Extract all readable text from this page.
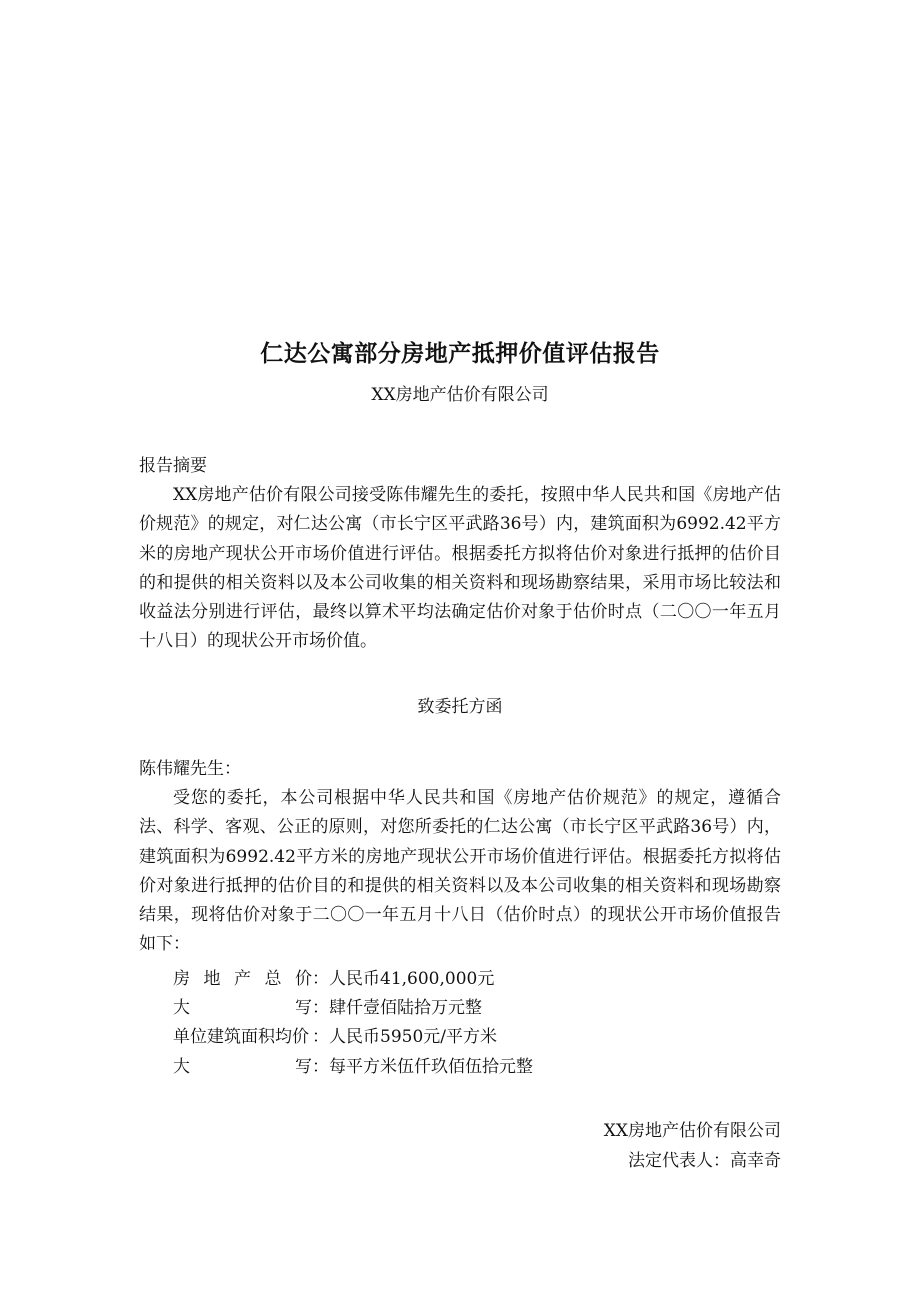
仁达公寓部分房地产抵押价值评估报告
XX房地产估价有限公司

报告摘要

XX房地产估价有限公司接受陈伟耀先生的委托，按照中华人民共和国《房地产估价规范》的规定，对仁达公寓（市长宁区平武路36号）内，建筑面积为6992.42平方米的房地产现状公开市场价值进行评估。根据委托方拟将估价对象进行抵押的估价目的和提供的相关资料以及本公司收集的相关资料和现场勘察结果，采用市场比较法和收益法分别进行评估，最终以算术平均法确定估价对象于估价时点（二〇〇一年五月十八日）的现状公开市场价值。

致委托方函

陈伟耀先生：

受您的委托，本公司根据中华人民共和国《房地产估价规范》的规定，遵循合法、科学、客观、公正的原则，对您所委托的仁达公寓（市长宁区平武路36号）内，建筑面积为6992.42平方米的房地产现状公开市场价值进行评估。根据委托方拟将估价对象进行抵押的估价目的和提供的相关资料以及本公司收集的相关资料和现场勘察结果，现将估价对象于二〇〇一年五月十八日（估价时点）的现状公开市场价值报告如下：

房 地 产 总 价 ： 人民币41,600,000元
大	写 ： 肆仟壹佰陆拾万元整
单位建筑面积均价 ： 人民币5950元/平方米
大	写 ： 每平方米伍仟玖佰伍拾元整
XX房地产估价有限公司
法定代表人：高幸奇
